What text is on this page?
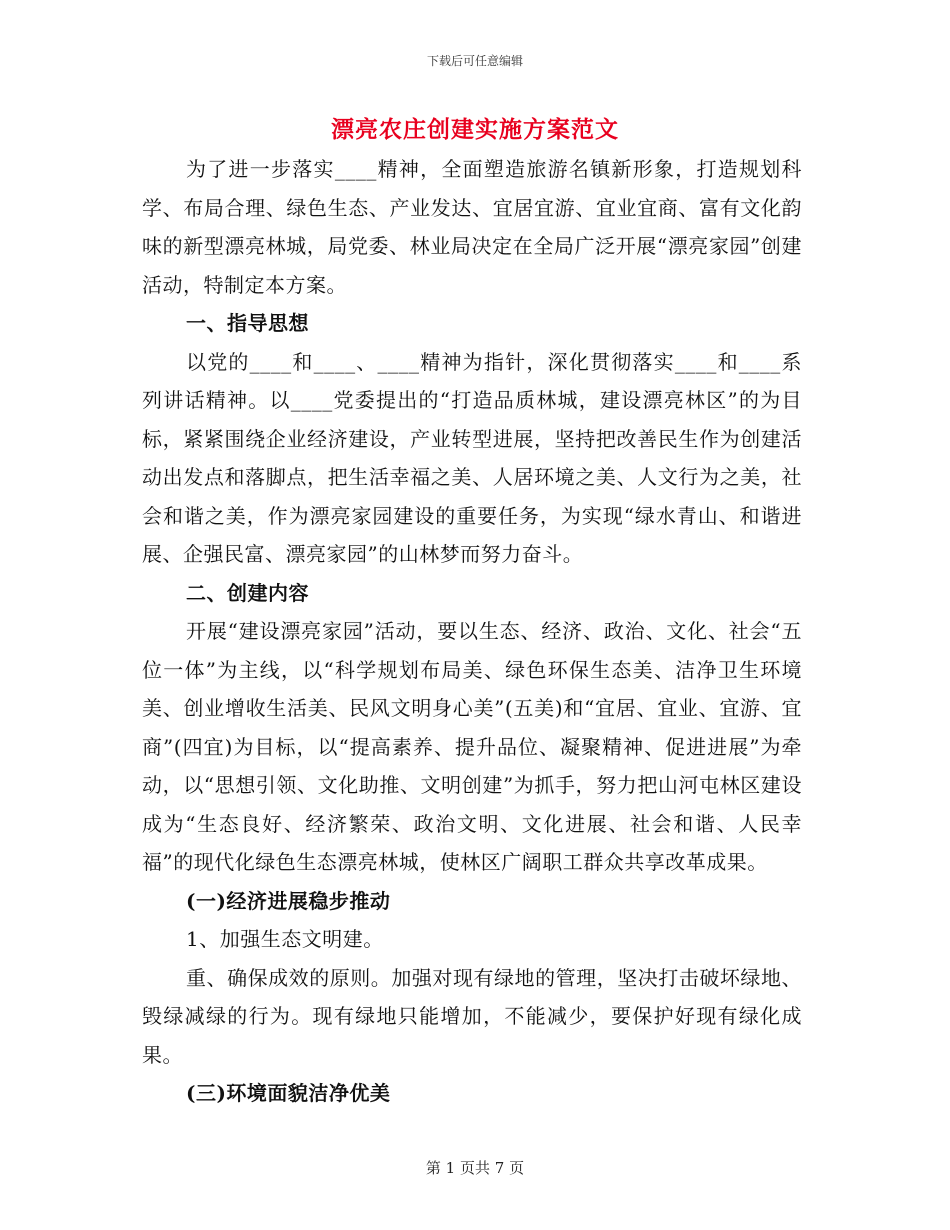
下载后可任意编辑
漂亮农庄创建实施方案范文

为了进一步落实____精神，全面塑造旅游名镇新形象，打造规划科学、布局合理、绿色生态、产业发达、宜居宜游、宜业宜商、富有文化韵味的新型漂亮林城，局党委、林业局决定在全局广泛开展“漂亮家园”创建活动，特制定本方案。

一、指导思想

以党的____和____、____精神为指针，深化贯彻落实____和____系列讲话精神。以____党委提出的“打造品质林城，建设漂亮林区”的为目标，紧紧围绕企业经济建设，产业转型进展，坚持把改善民生作为创建活动出发点和落脚点，把生活幸福之美、人居环境之美、人文行为之美，社会和谐之美，作为漂亮家园建设的重要任务，为实现“绿水青山、和谐进展、企强民富、漂亮家园”的山林梦而努力奋斗。

二、创建内容

开展“建设漂亮家园”活动，要以生态、经济、政治、文化、社会“五位一体”为主线，以“科学规划布局美、绿色环保生态美、洁净卫生环境美、创业增收生活美、民风文明身心美”(五美)和“宜居、宜业、宜游、宜商”(四宜)为目标，以“提高素养、提升品位、凝聚精神、促进进展”为牵动，以“思想引领、文化助推、文明创建”为抓手，努力把山河屯林区建设成为“生态良好、经济繁荣、政治文明、文化进展、社会和谐、人民幸福”的现代化绿色生态漂亮林城，使林区广阔职工群众共享改革成果。

(一)经济进展稳步推动

1、加强生态文明建。

重、确保成效的原则。加强对现有绿地的管理，坚决打击破坏绿地、毁绿减绿的行为。现有绿地只能增加，不能减少，要保护好现有绿化成果。

(三)环境面貌洁净优美

第 1 页共 7 页
